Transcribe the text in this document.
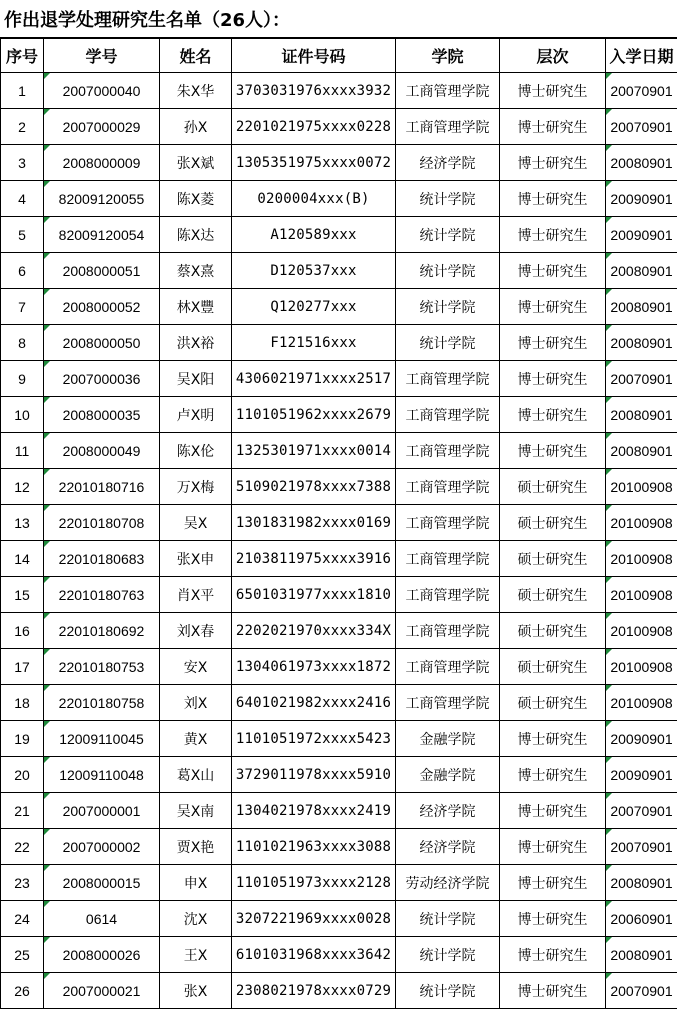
作出退学处理研究生名单（26人）：
序号	学号	姓名	证件号码	学院	层次	入学日期
1	2007000040	朱X华	3703031976xxxx3932	工商管理学院	博士研究生	20070901
2	2007000029	孙X	2201021975xxxx0228	工商管理学院	博士研究生	20070901
3	2008000009	张X斌	1305351975xxxx0072	经济学院	博士研究生	20080901
4	82009120055	陈X菱	0200004xxx(B)	统计学院	博士研究生	20090901
5	82009120054	陈X达	A120589xxx	统计学院	博士研究生	20090901
6	2008000051	蔡X熹	D120537xxx	统计学院	博士研究生	20080901
7	2008000052	林X豐	Q120277xxx	统计学院	博士研究生	20080901
8	2008000050	洪X裕	F121516xxx	统计学院	博士研究生	20080901
9	2007000036	吴X阳	4306021971xxxx2517	工商管理学院	博士研究生	20070901
10	2008000035	卢X明	1101051962xxxx2679	工商管理学院	博士研究生	20080901
11	2008000049	陈X伦	1325301971xxxx0014	工商管理学院	博士研究生	20080901
12	22010180716	万X梅	5109021978xxxx7388	工商管理学院	硕士研究生	20100908
13	22010180708	吴X	1301831982xxxx0169	工商管理学院	硕士研究生	20100908
14	22010180683	张X申	2103811975xxxx3916	工商管理学院	硕士研究生	20100908
15	22010180763	肖X平	6501031977xxxx1810	工商管理学院	硕士研究生	20100908
16	22010180692	刘X春	2202021970xxxx334X	工商管理学院	硕士研究生	20100908
17	22010180753	安X	1304061973xxxx1872	工商管理学院	硕士研究生	20100908
18	22010180758	刘X	6401021982xxxx2416	工商管理学院	硕士研究生	20100908
19	12009110045	黄X	1101051972xxxx5423	金融学院	博士研究生	20090901
20	12009110048	葛X山	3729011978xxxx5910	金融学院	博士研究生	20090901
21	2007000001	吴X南	1304021978xxxx2419	经济学院	博士研究生	20070901
22	2007000002	贾X艳	1101021963xxxx3088	经济学院	博士研究生	20070901
23	2008000015	申X	1101051973xxxx2128	劳动经济学院	博士研究生	20080901
24	0614	沈X	3207221969xxxx0028	统计学院	博士研究生	20060901
25	2008000026	王X	6101031968xxxx3642	统计学院	博士研究生	20080901
26	2007000021	张X	2308021978xxxx0729	统计学院	博士研究生	20070901
